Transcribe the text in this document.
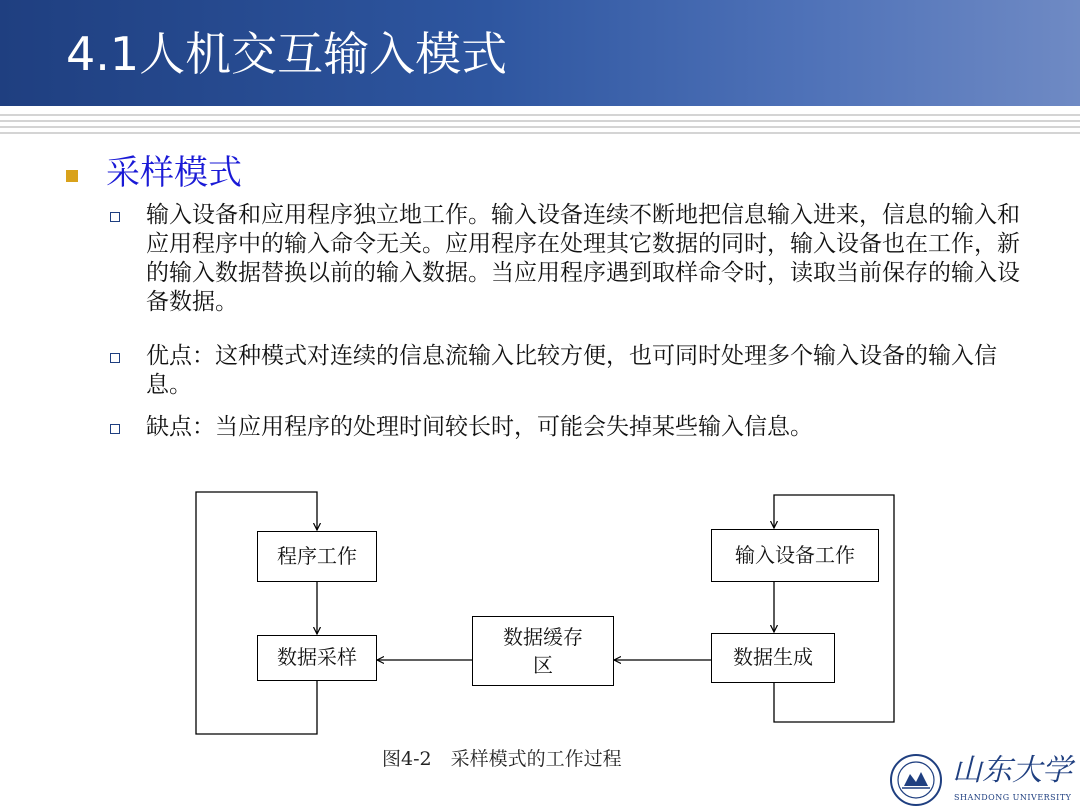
4.1人机交互输入模式
采样模式
输入设备和应用程序独立地工作。输入设备连续不断地把信息输入进来，信息的输入和应用程序中的输入命令无关。应用程序在处理其它数据的同时，输入设备也在工作，新的输入数据替换以前的输入数据。当应用程序遇到取样命令时，读取当前保存的输入设备数据。
优点：这种模式对连续的信息流输入比较方便，也可同时处理多个输入设备的输入信息。
缺点：当应用程序的处理时间较长时，可能会失掉某些输入信息。
程序工作
数据采样
数据缓存
区
输入设备工作
数据生成
图4-2　采样模式的工作过程	山东大学
SHANDONG UNIVERSITY
